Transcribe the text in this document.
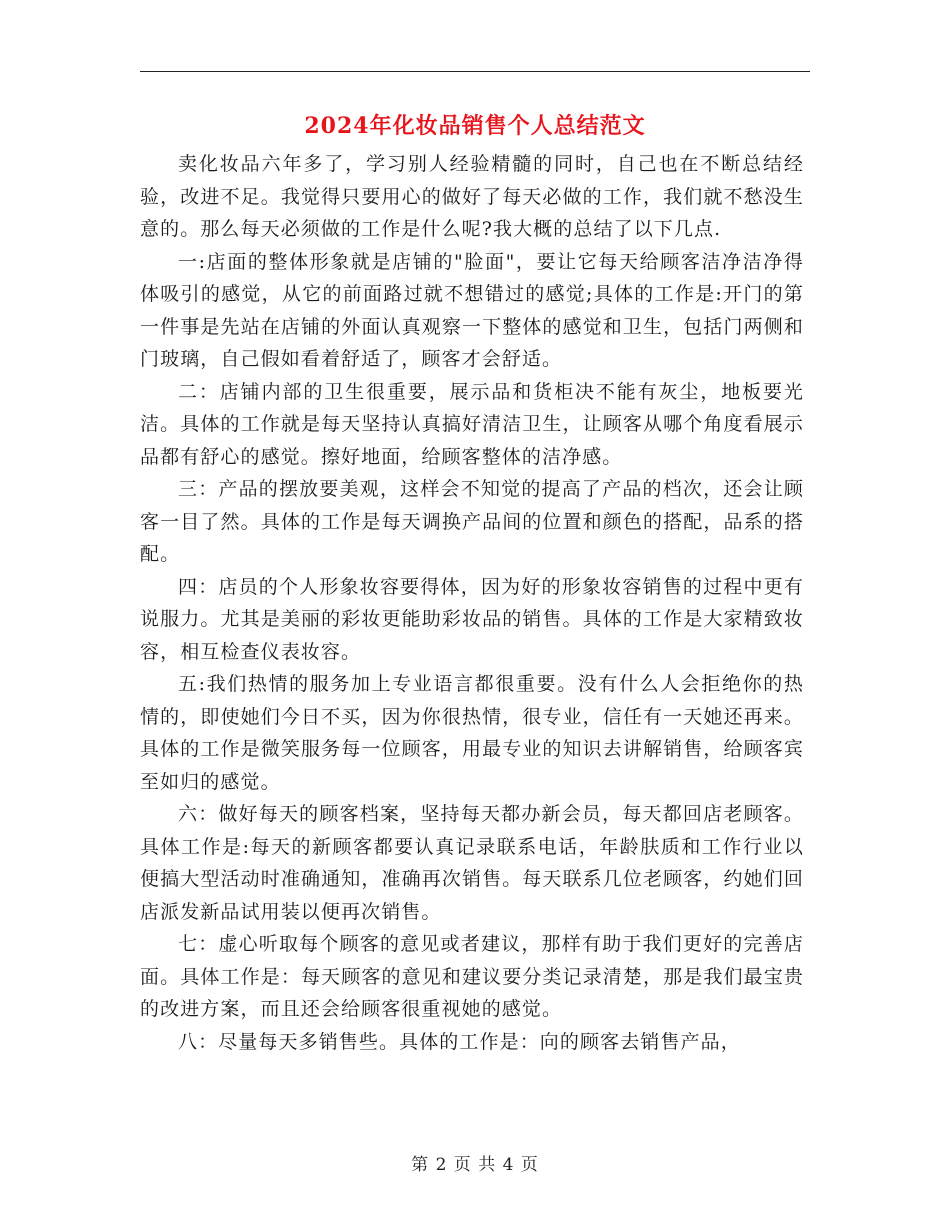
2024年化妆品销售个人总结范文

卖化妆品六年多了，学习别人经验精髓的同时，自己也在不断总结经验，改进不足。我觉得只要用心的做好了每天必做的工作，我们就不愁没生意的。那么每天必须做的工作是什么呢?我大概的总结了以下几点.

一:店面的整体形象就是店铺的"脸面"，要让它每天给顾客洁净洁净得体吸引的感觉，从它的前面路过就不想错过的感觉;具体的工作是:开门的第一件事是先站在店铺的外面认真观察一下整体的感觉和卫生，包括门两侧和门玻璃，自己假如看着舒适了，顾客才会舒适。

二：店铺内部的卫生很重要，展示品和货柜决不能有灰尘，地板要光洁。具体的工作就是每天坚持认真搞好清洁卫生，让顾客从哪个角度看展示品都有舒心的感觉。擦好地面，给顾客整体的洁净感。

三：产品的摆放要美观，这样会不知觉的提高了产品的档次，还会让顾客一目了然。具体的工作是每天调换产品间的位置和颜色的搭配，品系的搭配。

四：店员的个人形象妆容要得体，因为好的形象妆容销售的过程中更有说服力。尤其是美丽的彩妆更能助彩妆品的销售。具体的工作是大家精致妆容，相互检查仪表妆容。

五:我们热情的服务加上专业语言都很重要。没有什么人会拒绝你的热情的，即使她们今日不买，因为你很热情，很专业，信任有一天她还再来。具体的工作是微笑服务每一位顾客，用最专业的知识去讲解销售，给顾客宾至如归的感觉。

六：做好每天的顾客档案，坚持每天都办新会员，每天都回店老顾客。具体工作是:每天的新顾客都要认真记录联系电话，年龄肤质和工作行业以便搞大型活动时准确通知，准确再次销售。每天联系几位老顾客，约她们回店派发新品试用装以便再次销售。

七：虚心听取每个顾客的意见或者建议，那样有助于我们更好的完善店面。具体工作是：每天顾客的意见和建议要分类记录清楚，那是我们最宝贵的改进方案，而且还会给顾客很重视她的感觉。

八：尽量每天多销售些。具体的工作是：向的顾客去销售产品，

第 2 页 共 4 页
